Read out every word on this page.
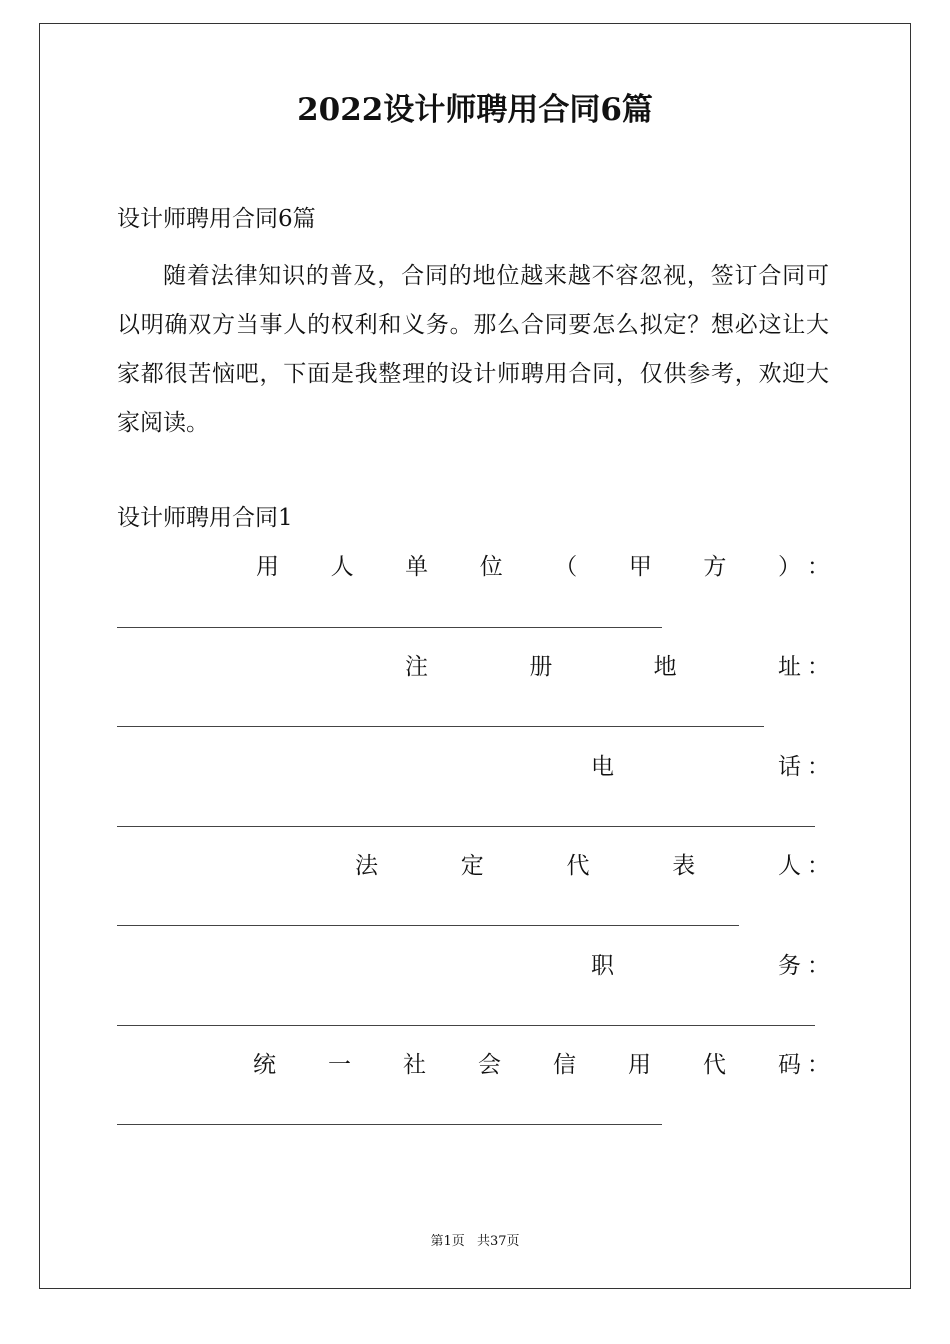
2022设计师聘用合同6篇
设计师聘用合同6篇

随着法律知识的普及，合同的地位越来越不容忽视，签订合同可以明确双方当事人的权利和义务。那么合同要怎么拟定？想必这让大家都很苦恼吧，下面是我整理的设计师聘用合同，仅供参考，欢迎大家阅读。

设计师聘用合同1
用 人 单 位 （ 甲 方 ） ：
注	册	地	址 ：
电	话 ：
法	定	代	表	人 ：
职	务 ：
统 一 社 会 信 用 代 码 ：
第1页 共37页
